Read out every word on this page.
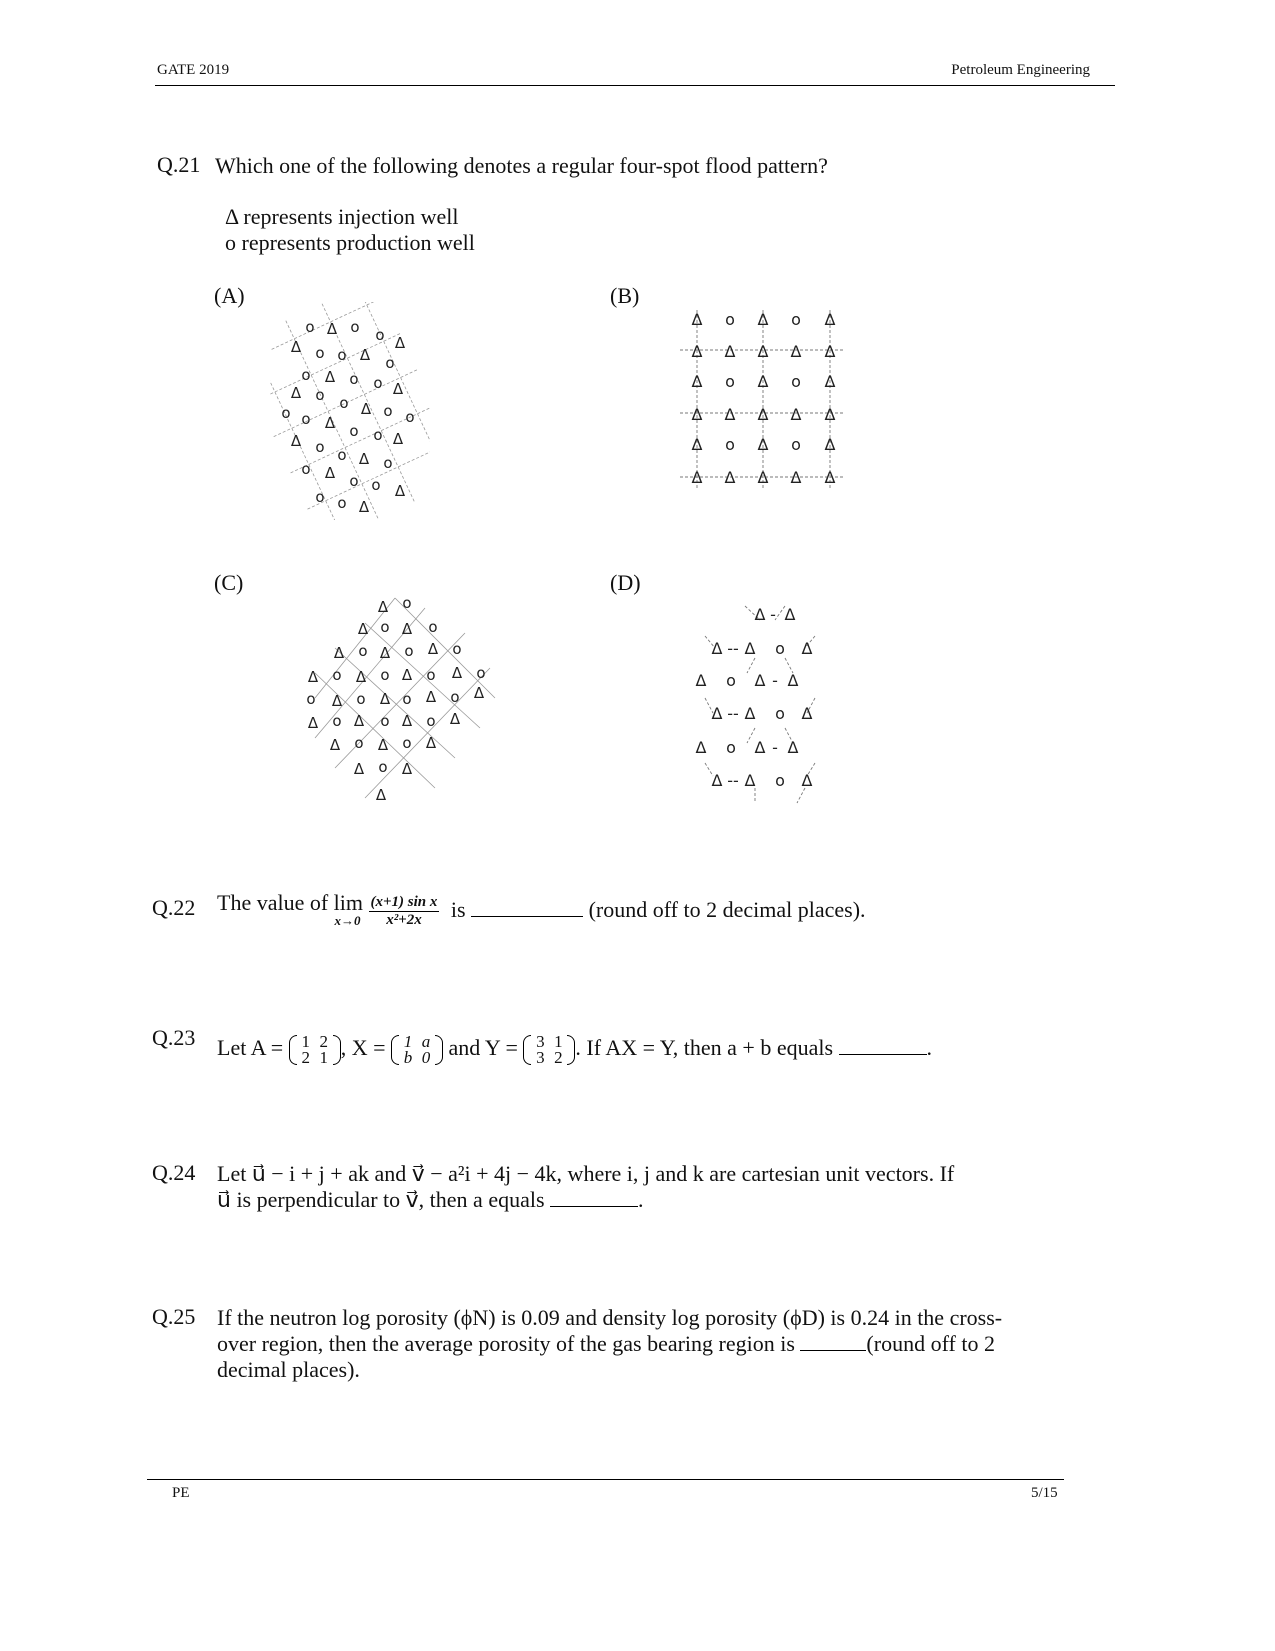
GATE 2019	Petroleum Engineering
Q.21 Which one of the following denotes a regular four-spot flood pattern?
Δ represents injection well
o represents production well
(A)	(B)
(C)	(D)
o Δ o o Δ
Δ o o Δ o
o Δ o o Δ
Δ o o Δ o o
o o Δ o o Δ
Δ o o Δ o
o Δ o o Δ
o o Δ
Δ o Δ o Δ
Δ Δ Δ Δ Δ
Δ o Δ o Δ
Δ Δ Δ Δ Δ
Δ o Δ o Δ
Δ Δ Δ Δ Δ
Δ o
Δ o Δ o
Δ o Δ o Δ o
Δ o Δ o Δ o Δ o
o Δ o Δ o Δ o Δ
Δ o Δ o Δ o Δ
Δ o Δ o Δ
Δ o Δ
Δ
Δ - Δ
Δ -- Δ o Δ
Δ o Δ - Δ
Δ -- Δ o Δ
Δ o Δ - Δ
Δ -- Δ o Δ
Q.22 The value of lim
x→0
$\frac{\text{(x+1) sin x}}{\text{x²+2x}}$ is	(round off to 2 decimal places).
Q.23 Let A = 1 2
2 1 , X = 1 a
b 0 and Y = 3 1
3 2 . If AX = Y, then a + b equals	.
Q.24 Let u⃗ − i + j + ak and v⃗ − a²i + 4j − 4k, where i, j and k are cartesian unit vectors. If
u⃗ is perpendicular to v⃗, then a equals	.
Q.25 If the neutron log porosity (ϕN) is 0.09 and density log porosity (ϕD) is 0.24 in the cross-
over region, then the average porosity of the gas bearing region is	(round off to 2
decimal places).
PE	5/15
